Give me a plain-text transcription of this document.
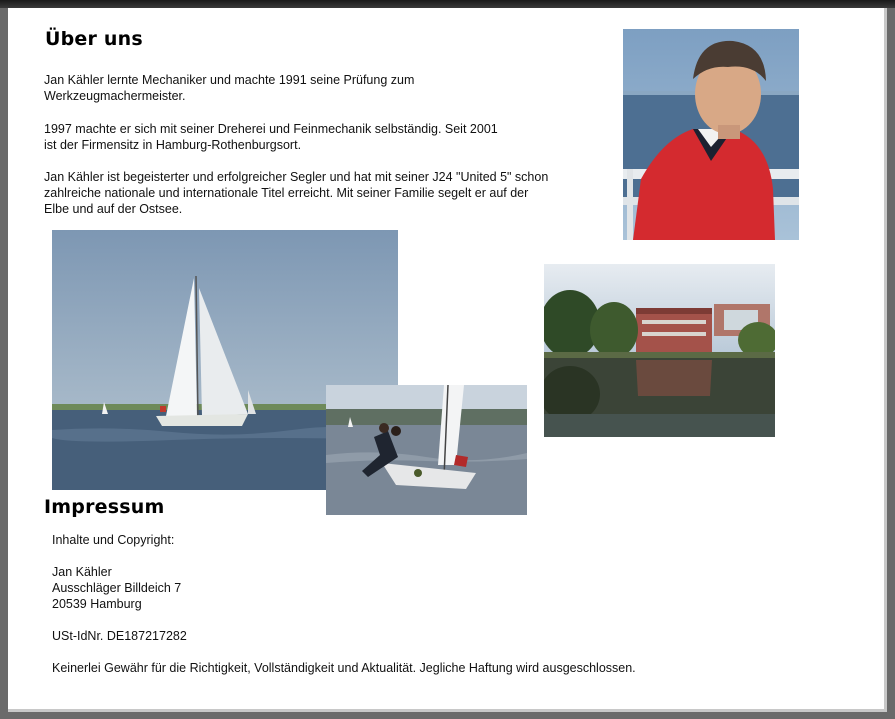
Über uns
Jan Kähler lernte Mechaniker und machte 1991 seine Prüfung zum
Werkzeugmachermeister.
1997 machte er sich mit seiner Dreherei und Feinmechanik selbständig. Seit 2001
ist der Firmensitz in Hamburg-Rothenburgsort.
Jan Kähler ist begeisterter und erfolgreicher Segler und hat mit seiner J24 "United 5" schon
zahlreiche nationale und internationale Titel erreicht. Mit seiner Familie segelt er auf der
Elbe und auf der Ostsee.
Impressum
Inhalte und Copyright:
Jan Kähler
Ausschläger Billdeich 7
20539 Hamburg
USt-IdNr. DE187217282
Keinerlei Gewähr für die Richtigkeit, Vollständigkeit und Aktualität. Jegliche Haftung wird ausgeschlossen.
